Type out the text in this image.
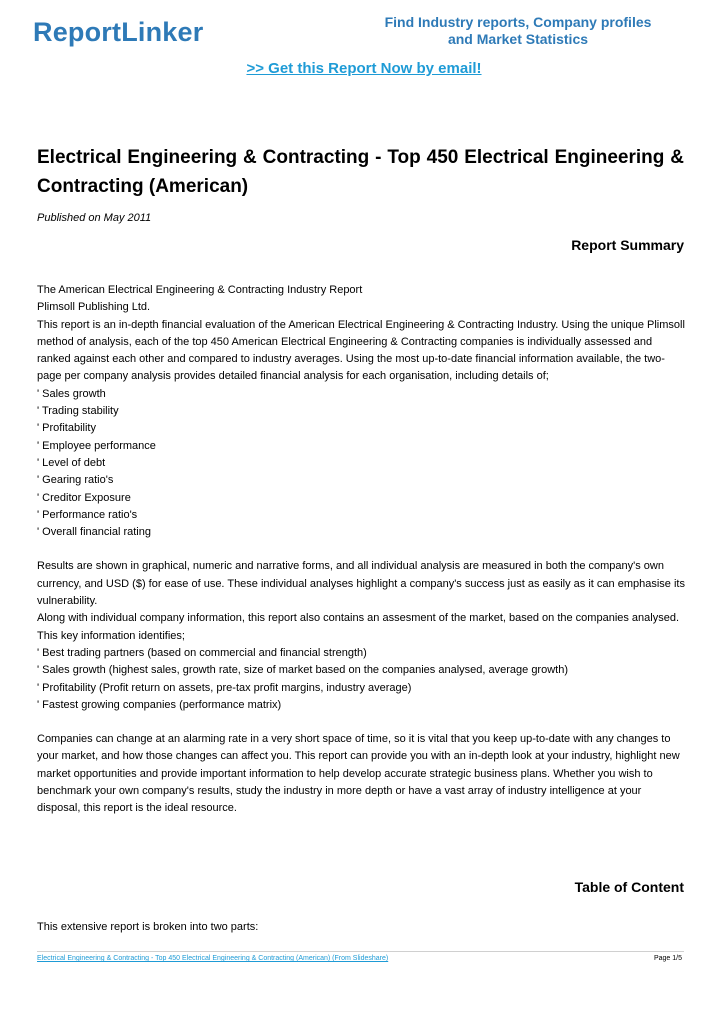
ReportLinker	Find Industry reports, Company profiles
and Market Statistics
>> Get this Report Now by email!
Electrical Engineering & Contracting - Top 450 Electrical Engineering & Contracting (American)
Published on May 2011
Report Summary

The American Electrical Engineering & Contracting Industry Report

Plimsoll Publishing Ltd.

This report is an in-depth financial evaluation of the American Electrical Engineering & Contracting Industry. Using the unique Plimsoll method of analysis, each of the top 450 American Electrical Engineering & Contracting companies is individually assessed and ranked against each other and compared to industry averages. Using the most up-to-date financial information available, the two-page per company analysis provides detailed financial analysis for each organisation, including details of;

' Sales growth

' Trading stability

' Profitability

' Employee performance

' Level of debt

' Gearing ratio's

' Creditor Exposure

' Performance ratio's

' Overall financial rating

Results are shown in graphical, numeric and narrative forms, and all individual analysis are measured in both the company's own currency, and USD ($) for ease of use. These individual analyses highlight a company's success just as easily as it can emphasise its vulnerability.

Along with individual company information, this report also contains an assesment of the market, based on the companies analysed.

This key information identifies;

' Best trading partners (based on commercial and financial strength)

' Sales growth (highest sales, growth rate, size of market based on the companies analysed, average growth)

' Profitability (Profit return on assets, pre-tax profit margins, industry average)

' Fastest growing companies (performance matrix)

Companies can change at an alarming rate in a very short space of time, so it is vital that you keep up-to-date with any changes to your market, and how those changes can affect you. This report can provide you with an in-depth look at your industry, highlight new market opportunities and provide important information to help develop accurate strategic business plans. Whether you wish to benchmark your own company's results, study the industry in more depth or have a vast array of industry intelligence at your disposal, this report is the ideal resource.

Table of Content
This extensive report is broken into two parts:
Electrical Engineering & Contracting - Top 450 Electrical Engineering & Contracting (American) (From Slideshare)	Page 1/5
